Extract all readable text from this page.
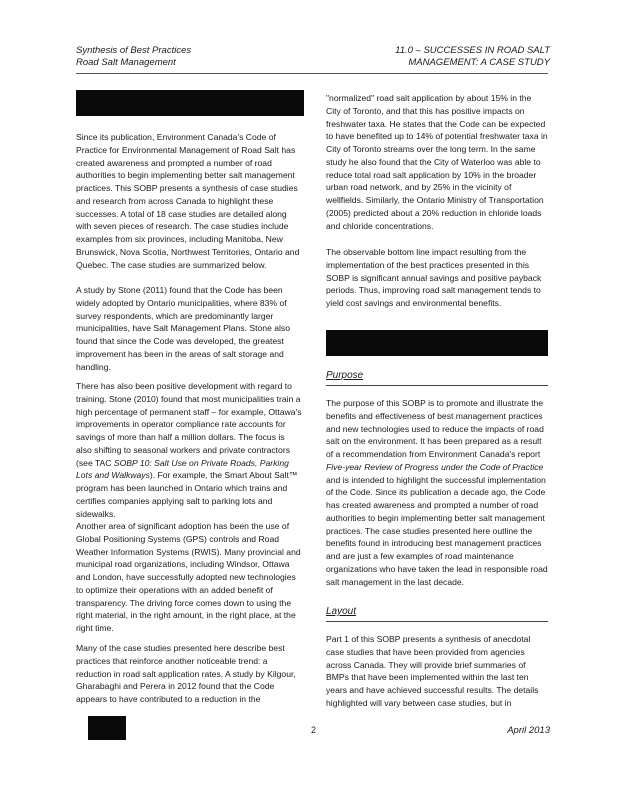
Synthesis of Best Practices
Road Salt Management
11.0 – SUCCESSES IN ROAD SALT
MANAGEMENT: A CASE STUDY
Since its publication, Environment Canada's Code of Practice for Environmental Management of Road Salt has created awareness and prompted a number of road authorities to begin implementing better salt management practices. This SOBP presents a synthesis of case studies and research from across Canada to highlight these successes. A total of 18 case studies are detailed along with seven pieces of research. The case studies include examples from six provinces, including Manitoba, New Brunswick, Nova Scotia, Northwest Territories, Ontario and Quebec. The case studies are summarized below.
A study by Stone (2011) found that the Code has been widely adopted by Ontario municipalities, where 83% of survey respondents, which are predominantly larger municipalities, have Salt Management Plans. Stone also found that since the Code was developed, the greatest improvement has been in the areas of salt storage and handling.
There has also been positive development with regard to training. Stone (2010) found that most municipalities train a high percentage of permanent staff – for example, Ottawa's improvements in operator compliance rate accounts for savings of more than half a million dollars. The focus is also shifting to seasonal workers and private contractors (see TAC SOBP 10: Salt Use on Private Roads, Parking Lots and Walkways). For example, the Smart About Salt™ program has been launched in Ontario which trains and certifies companies applying salt to parking lots and sidewalks.
Another area of significant adoption has been the use of Global Positioning Systems (GPS) controls and Road Weather Information Systems (RWIS). Many provincial and municipal road organizations, including Windsor, Ottawa and London, have successfully adopted new technologies to optimize their operations with an added benefit of transparency. The driving force comes down to using the right material, in the right amount, in the right place, at the right time.
Many of the case studies presented here describe best practices that reinforce another noticeable trend: a reduction in road salt application rates. A study by Kilgour, Gharabaghi and Perera in 2012 found that the Code appears to have contributed to a reduction in the
"normalized" road salt application by about 15% in the City of Toronto, and that this has positive impacts on freshwater taxa. He states that the Code can be expected to have benefited up to 14% of potential freshwater taxa in City of Toronto streams over the long term. In the same study he also found that the City of Waterloo was able to reduce total road salt application by 10% in the broader urban road network, and by 25% in the vicinity of wellfields. Similarly, the Ontario Ministry of Transportation (2005) predicted about a 20% reduction in chloride loads and chloride concentrations.
The observable bottom line impact resulting from the implementation of the best practices presented in this SOBP is significant annual savings and positive payback periods. Thus, improving road salt management tends to yield cost savings and environmental benefits.
Purpose
The purpose of this SOBP is to promote and illustrate the benefits and effectiveness of best management practices and new technologies used to reduce the impacts of road salt on the environment. It has been prepared as a result of a recommendation from Environment Canada's report Five-year Review of Progress under the Code of Practice and is intended to highlight the successful implementation of the Code. Since its publication a decade ago, the Code has created awareness and prompted a number of road authorities to begin implementing better salt management practices. The case studies presented here outline the benefits found in introducing best management practices and are just a few examples of road maintenance organizations who have taken the lead in responsible road salt management in the last decade.
Layout
Part 1 of this SOBP presents a synthesis of anecdotal case studies that have been provided from agencies across Canada. They will provide brief summaries of BMPs that have been implemented within the last ten years and have achieved successful results. The details highlighted will vary between case studies, but in
2	April 2013
